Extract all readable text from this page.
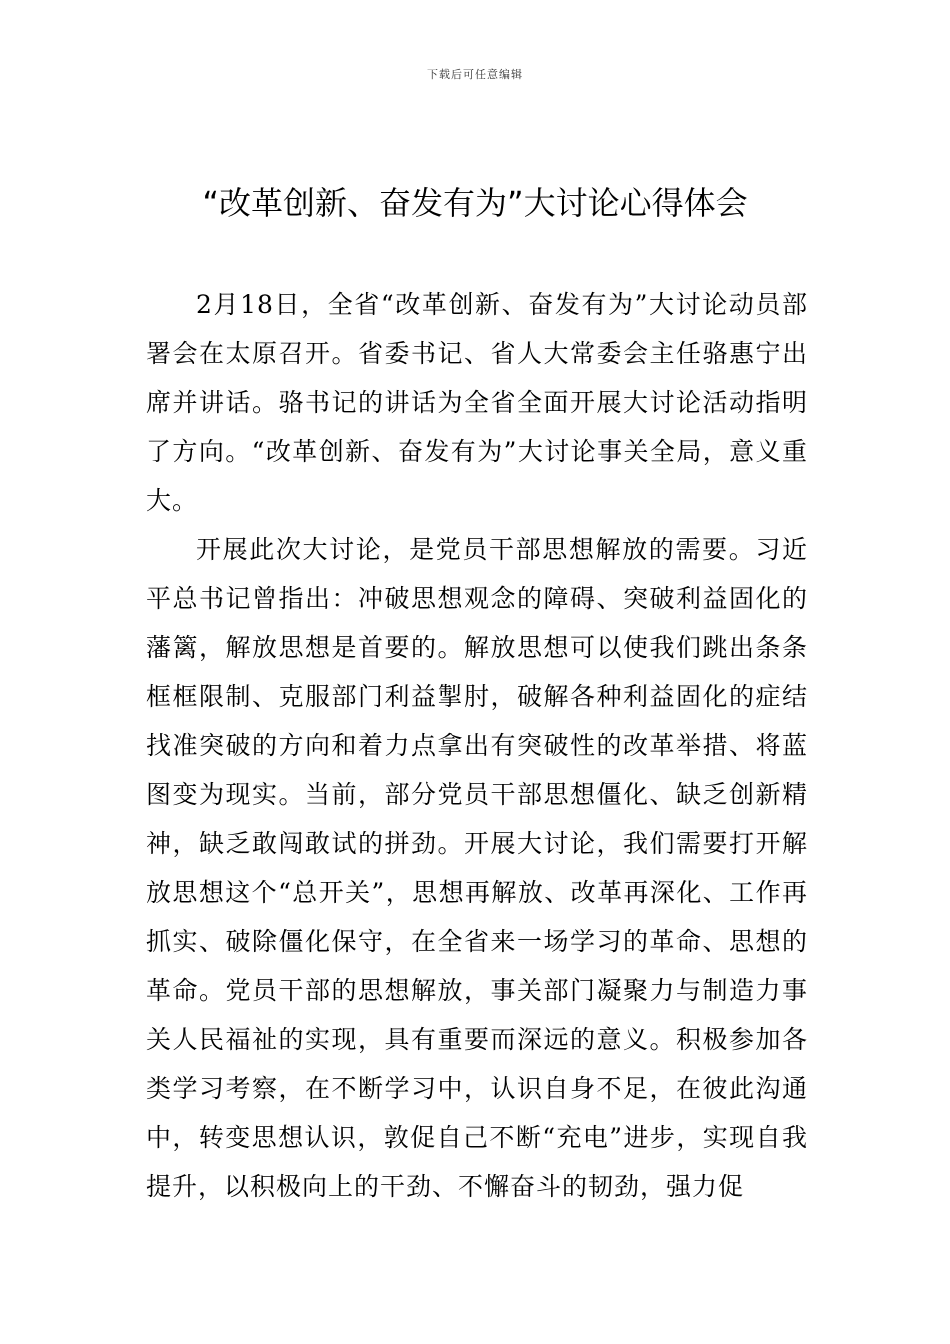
下载后可任意编辑
“改革创新、奋发有为”大讨论心得体会

2月18日，全省“改革创新、奋发有为”大讨论动员部署会在太原召开。省委书记、省人大常委会主任骆惠宁出席并讲话。骆书记的讲话为全省全面开展大讨论活动指明了方向。“改革创新、奋发有为”大讨论事关全局，意义重大。

开展此次大讨论，是党员干部思想解放的需要。习近平总书记曾指出：冲破思想观念的障碍、突破利益固化的藩篱，解放思想是首要的。解放思想可以使我们跳出条条框框限制、克服部门利益掣肘，破解各种利益固化的症结找准突破的方向和着力点拿出有突破性的改革举措、将蓝图变为现实。当前，部分党员干部思想僵化、缺乏创新精神，缺乏敢闯敢试的拼劲。开展大讨论，我们需要打开解放思想这个“总开关”，思想再解放、改革再深化、工作再抓实、破除僵化保守，在全省来一场学习的革命、思想的革命。党员干部的思想解放，事关部门凝聚力与制造力事关人民福祉的实现，具有重要而深远的意义。积极参加各类学习考察，在不断学习中，认识自身不足，在彼此沟通中，转变思想认识，敦促自己不断“充电”进步，实现自我提升，以积极向上的干劲、不懈奋斗的韧劲，强力促
